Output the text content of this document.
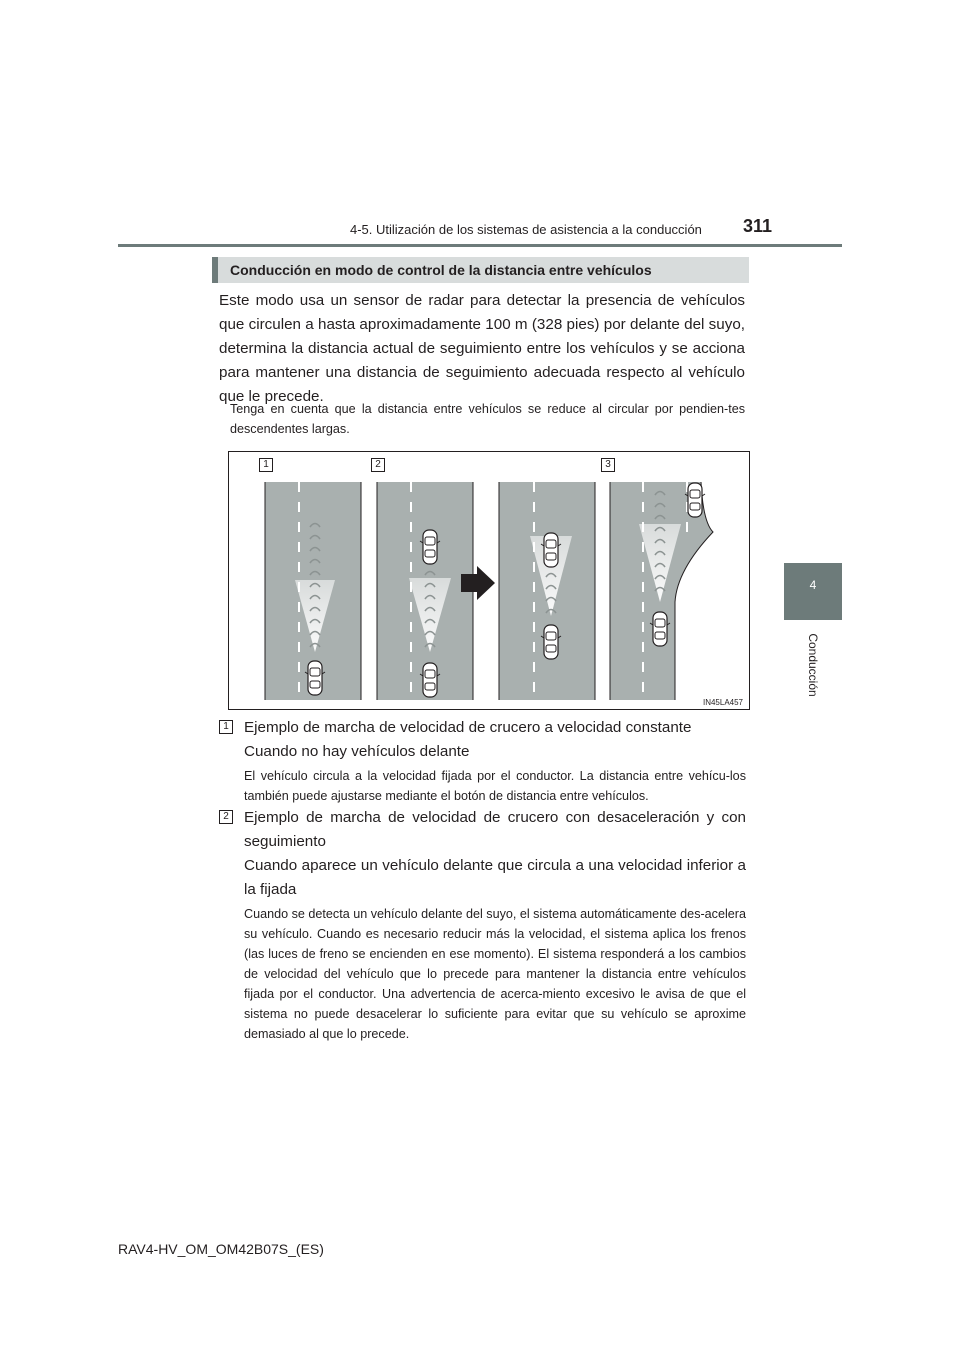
4-5. Utilización de los sistemas de asistencia a la conducción 311
4
Conducción
Conducción en modo de control de la distancia entre vehículos
Este modo usa un sensor de radar para detectar la presencia de vehículos que circulen a hasta aproximadamente 100 m (328 pies) por delante del suyo, determina la distancia actual de seguimiento entre los vehículos y se acciona para mantener una distancia de seguimiento adecuada respecto al vehículo que le precede.
Tenga en cuenta que la distancia entre vehículos se reduce al circular por pendien-tes descendentes largas.
1	2	3
IN45LA457
1 Ejemplo de marcha de velocidad de crucero a velocidad constante
Cuando no hay vehículos delante
El vehículo circula a la velocidad fijada por el conductor. La distancia entre vehícu-los también puede ajustarse mediante el botón de distancia entre vehículos.
2 Ejemplo de marcha de velocidad de crucero con desaceleración y con seguimiento
Cuando aparece un vehículo delante que circula a una velocidad inferior a la fijada
Cuando se detecta un vehículo delante del suyo, el sistema automáticamente des-acelera su vehículo. Cuando es necesario reducir más la velocidad, el sistema aplica los frenos (las luces de freno se encienden en ese momento). El sistema responderá a los cambios de velocidad del vehículo que lo precede para mantener la distancia entre vehículos fijada por el conductor. Una advertencia de acerca-miento excesivo le avisa de que el sistema no puede desacelerar lo suficiente para evitar que su vehículo se aproxime demasiado al que lo precede.
RAV4-HV_OM_OM42B07S_(ES)
